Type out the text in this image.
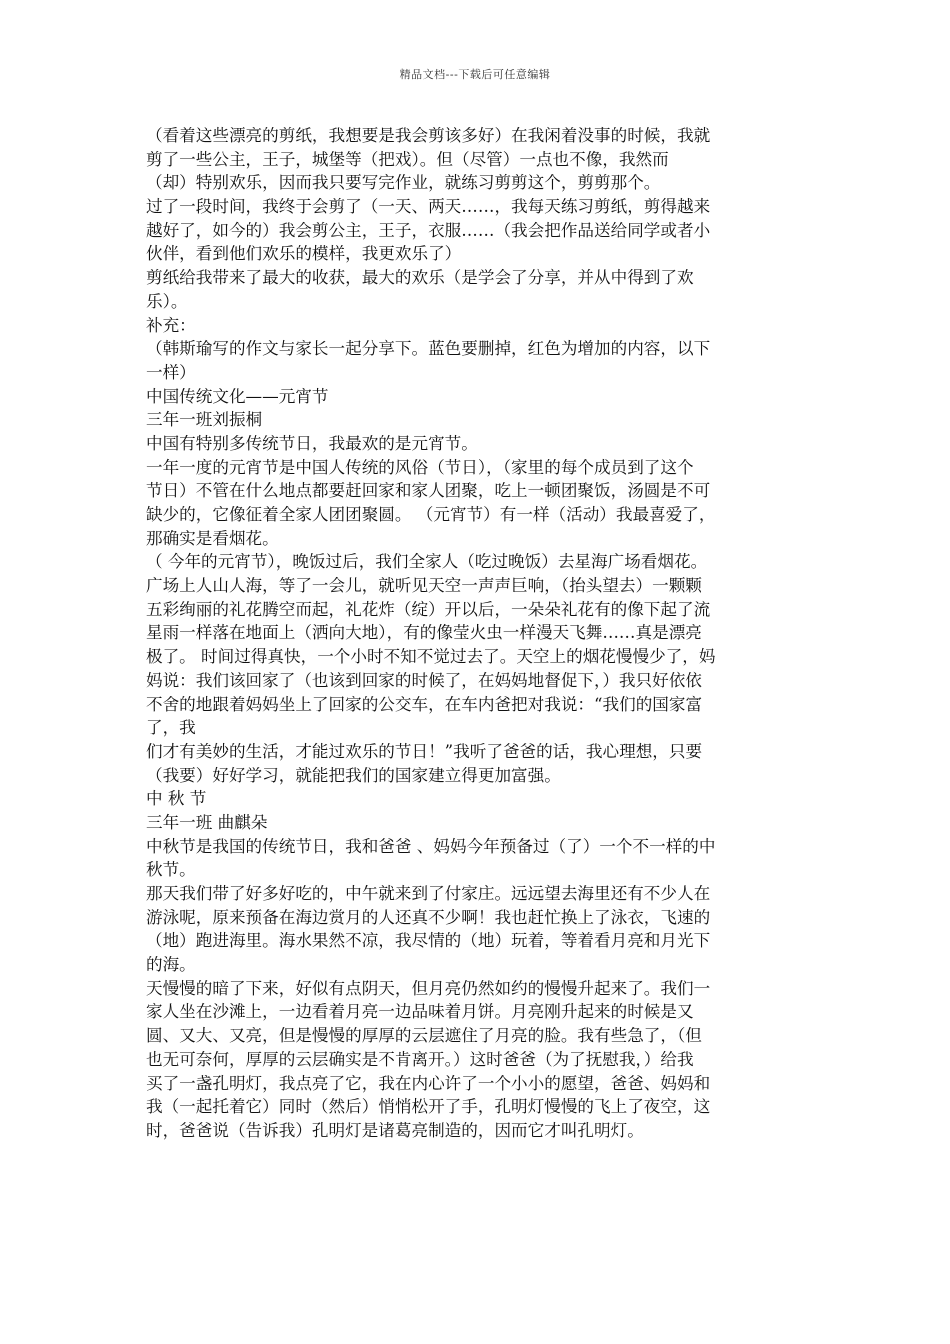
精品文档---下载后可任意编辑
（看着这些漂亮的剪纸，我想要是我会剪该多好）在我闲着没事的时候，我就
剪了一些公主，王子，城堡等（把戏）。但（尽管）一点也不像，我然而
（却）特别欢乐，因而我只要写完作业，就练习剪剪这个，剪剪那个。
过了一段时间，我终于会剪了（一天、两天……，我每天练习剪纸，剪得越来
越好了，如今的）我会剪公主，王子，衣服……（我会把作品送给同学或者小
伙伴，看到他们欢乐的模样，我更欢乐了）
剪纸给我带来了最大的收获，最大的欢乐（是学会了分享，并从中得到了欢
乐）。
补充：
（韩斯瑜写的作文与家长一起分享下。蓝色要删掉，红色为增加的内容，以下
一样）
中国传统文化——元宵节
三年一班刘振桐
中国有特别多传统节日，我最欢的是元宵节。
一年一度的元宵节是中国人传统的风俗（节日），（家里的每个成员到了这个
节日）不管在什么地点都要赶回家和家人团聚，吃上一顿团聚饭，汤圆是不可
缺少的，它像征着全家人团团聚圆。 （元宵节）有一样（活动）我最喜爱了，
那确实是看烟花。
（ 今年的元宵节），晚饭过后，我们全家人（吃过晚饭）去星海广场看烟花。
广场上人山人海，等了一会儿，就听见天空一声声巨响，（抬头望去）一颗颗
五彩绚丽的礼花腾空而起，礼花炸（绽）开以后，一朵朵礼花有的像下起了流
星雨一样落在地面上（洒向大地），有的像莹火虫一样漫天飞舞……真是漂亮
极了。 时间过得真快，一个小时不知不觉过去了。天空上的烟花慢慢少了，妈
妈说：我们该回家了（也该到回家的时候了，在妈妈地督促下，）我只好依依
不舍的地跟着妈妈坐上了回家的公交车，在车内爸把对我说：“我们的国家富
了，我
们才有美妙的生活，才能过欢乐的节日！”我听了爸爸的话，我心理想，只要
（我要）好好学习，就能把我们的国家建立得更加富强。
中 秋 节
三年一班 曲麒朵
中秋节是我国的传统节日，我和爸爸 、妈妈今年预备过（了）一个不一样的中
秋节。
那天我们带了好多好吃的，中午就来到了付家庄。远远望去海里还有不少人在
游泳呢，原来预备在海边赏月的人还真不少啊！我也赶忙换上了泳衣，飞速的
（地）跑进海里。海水果然不凉，我尽情的（地）玩着，等着看月亮和月光下
的海。
天慢慢的暗了下来，好似有点阴天，但月亮仍然如约的慢慢升起来了。我们一
家人坐在沙滩上，一边看着月亮一边品味着月饼。月亮刚升起来的时候是又
圆、又大、又亮，但是慢慢的厚厚的云层遮住了月亮的脸。我有些急了，（但
也无可奈何，厚厚的云层确实是不肯离开。）这时爸爸（为了抚慰我，）给我
买了一盏孔明灯，我点亮了它，我在内心许了一个小小的愿望，爸爸、妈妈和
我（一起托着它）同时（然后）悄悄松开了手，孔明灯慢慢的飞上了夜空，这
时，爸爸说（告诉我）孔明灯是诸葛亮制造的，因而它才叫孔明灯。
